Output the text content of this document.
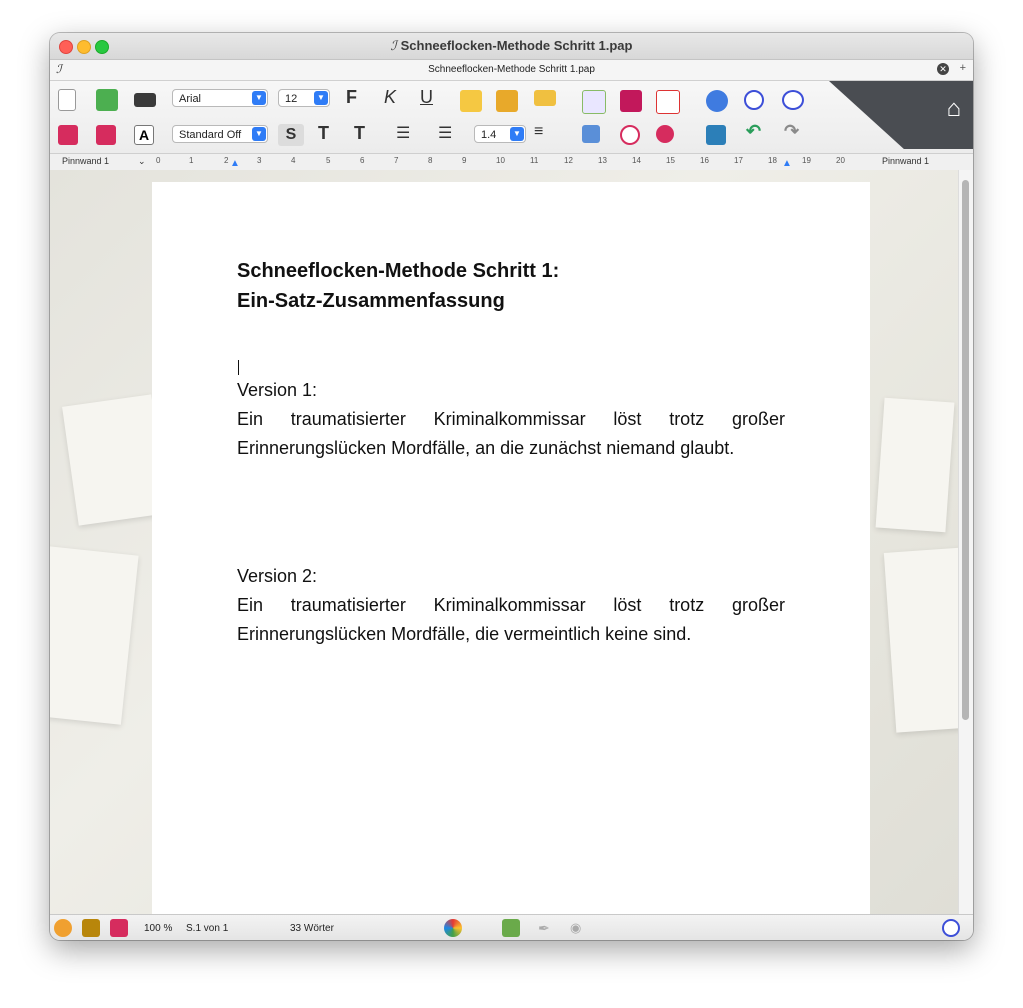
ℐ Schneeflocken-Methode Schritt 1.pap
ℐ	Schneeflocken-Methode Schritt 1.pap	✕ +
Arial	▼	12	▼ F K U
A	Standard Off	▼	S	T T ☰ ☰	1.4	▼ ≡	↶ ↷
⌂
Pinnwand 1	⌄ 0	1	2	3	4	5	6	7	8	9	10	11	12	13	14	15	16	17	18	19	20
▲	▲	Pinnwand 1
Schneeflocken-Methode Schritt 1:
Ein-Satz-Zusammenfassung
Version 1:
Ein traumatisierter Kriminalkommissar löst trotz großer Erinnerungslücken Mordfälle, an die zunächst niemand glaubt.
Version 2:
Ein traumatisierter Kriminalkommissar löst trotz großer Erinnerungslücken Mordfälle, die vermeintlich keine sind.
100 % S.1 von 1	33 Wörter	✒ ◉
